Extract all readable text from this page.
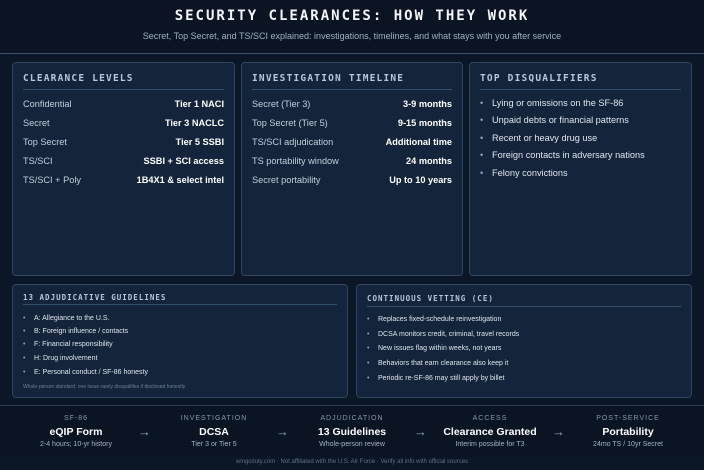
SECURITY CLEARANCES: HOW THEY WORK

Secret, Top Secret, and TS/SCI explained: investigations, timelines, and what stays with you after service

CLEARANCE LEVELS
Confidential	Tier 1 NACI
Secret	Tier 3 NACLC
Top Secret	Tier 5 SSBI
TS/SCI	SSBI + SCI access
TS/SCI + Poly	1B4X1 & select intel
INVESTIGATION TIMELINE
Secret (Tier 3)	3-9 months
Top Secret (Tier 5)	9-15 months
TS/SCI adjudication	Additional time
TS portability window	24 months
Secret portability	Up to 10 years
TOP DISQUALIFIERS
• Lying or omissions on the SF-86
• Unpaid debts or financial patterns
• Recent or heavy drug use
• Foreign contacts in adversary nations
• Felony convictions
13 ADJUDICATIVE GUIDELINES
• A: Allegiance to the U.S.
• B: Foreign influence / contacts
• F: Financial responsibility
• H: Drug involvement
• E: Personal conduct / SF-86 honesty
Whole-person standard: one issue rarely disqualifies if disclosed honestly
CONTINUOUS VETTING (CE)
• Replaces fixed-schedule reinvestigation
• DCSA monitors credit, criminal, travel records
• New issues flag within weeks, not years
• Behaviors that earn clearance also keep it
• Periodic re-SF-86 may still apply by billet
SF-86
eQIP Form
2-4 hours; 10-yr history
→
INVESTIGATION
DCSA
Tier 3 or Tier 5
→
ADJUDICATION
13 Guidelines
Whole-person review
→
ACCESS
Clearance Granted
Interim possible for T3
→
POST-SERVICE
Portability
24mo TS / 10yr Secret
wingcduty.com · Not affiliated with the U.S. Air Force · Verify all info with official sources
